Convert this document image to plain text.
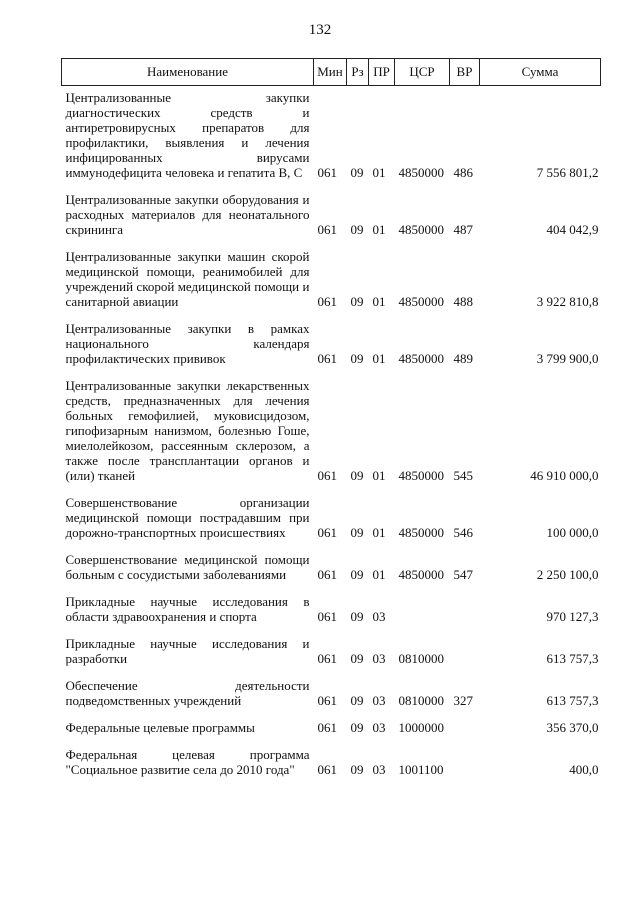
132
Наименование	Мин	Рз	ПР	ЦСР	ВР	Сумма
Централизованные закупки диагностических средств и антиретровирусных препаратов для профилактики, выявления и лечения инфицированных вирусами иммунодефицита человека и гепатита В, С	061	09	01	4850000	486	7 556 801,2
Централизованные закупки оборудования и расходных материалов для неонатального скрининга	061	09	01	4850000	487	404 042,9
Централизованные закупки машин скорой медицинской помощи, реанимобилей для учреждений скорой медицинской помощи и санитарной авиации	061	09	01	4850000	488	3 922 810,8
Централизованные закупки в рамках национального календаря профилактических прививок	061	09	01	4850000	489	3 799 900,0
Централизованные закупки лекарственных средств, предназначенных для лечения больных гемофилией, муковисцидозом, гипофизарным нанизмом, болезнью Гоше, миелолейкозом, рассеянным склерозом, а также после трансплантации органов и (или) тканей	061	09	01	4850000	545	46 910 000,0
Совершенствование организации медицинской помощи пострадавшим при дорожно-транспортных происшествиях	061	09	01	4850000	546	100 000,0
Совершенствование медицинской помощи больным с сосудистыми заболеваниями	061	09	01	4850000	547	2 250 100,0
Прикладные научные исследования в области здравоохранения и спорта	061	09	03			970 127,3
Прикладные научные исследования и разработки	061	09	03	0810000		613 757,3
Обеспечение деятельности подведомственных учреждений	061	09	03	0810000	327	613 757,3
Федеральные целевые программы	061	09	03	1000000		356 370,0
Федеральная целевая программа "Социальное развитие села до 2010 года"	061	09	03	1001100		400,0
